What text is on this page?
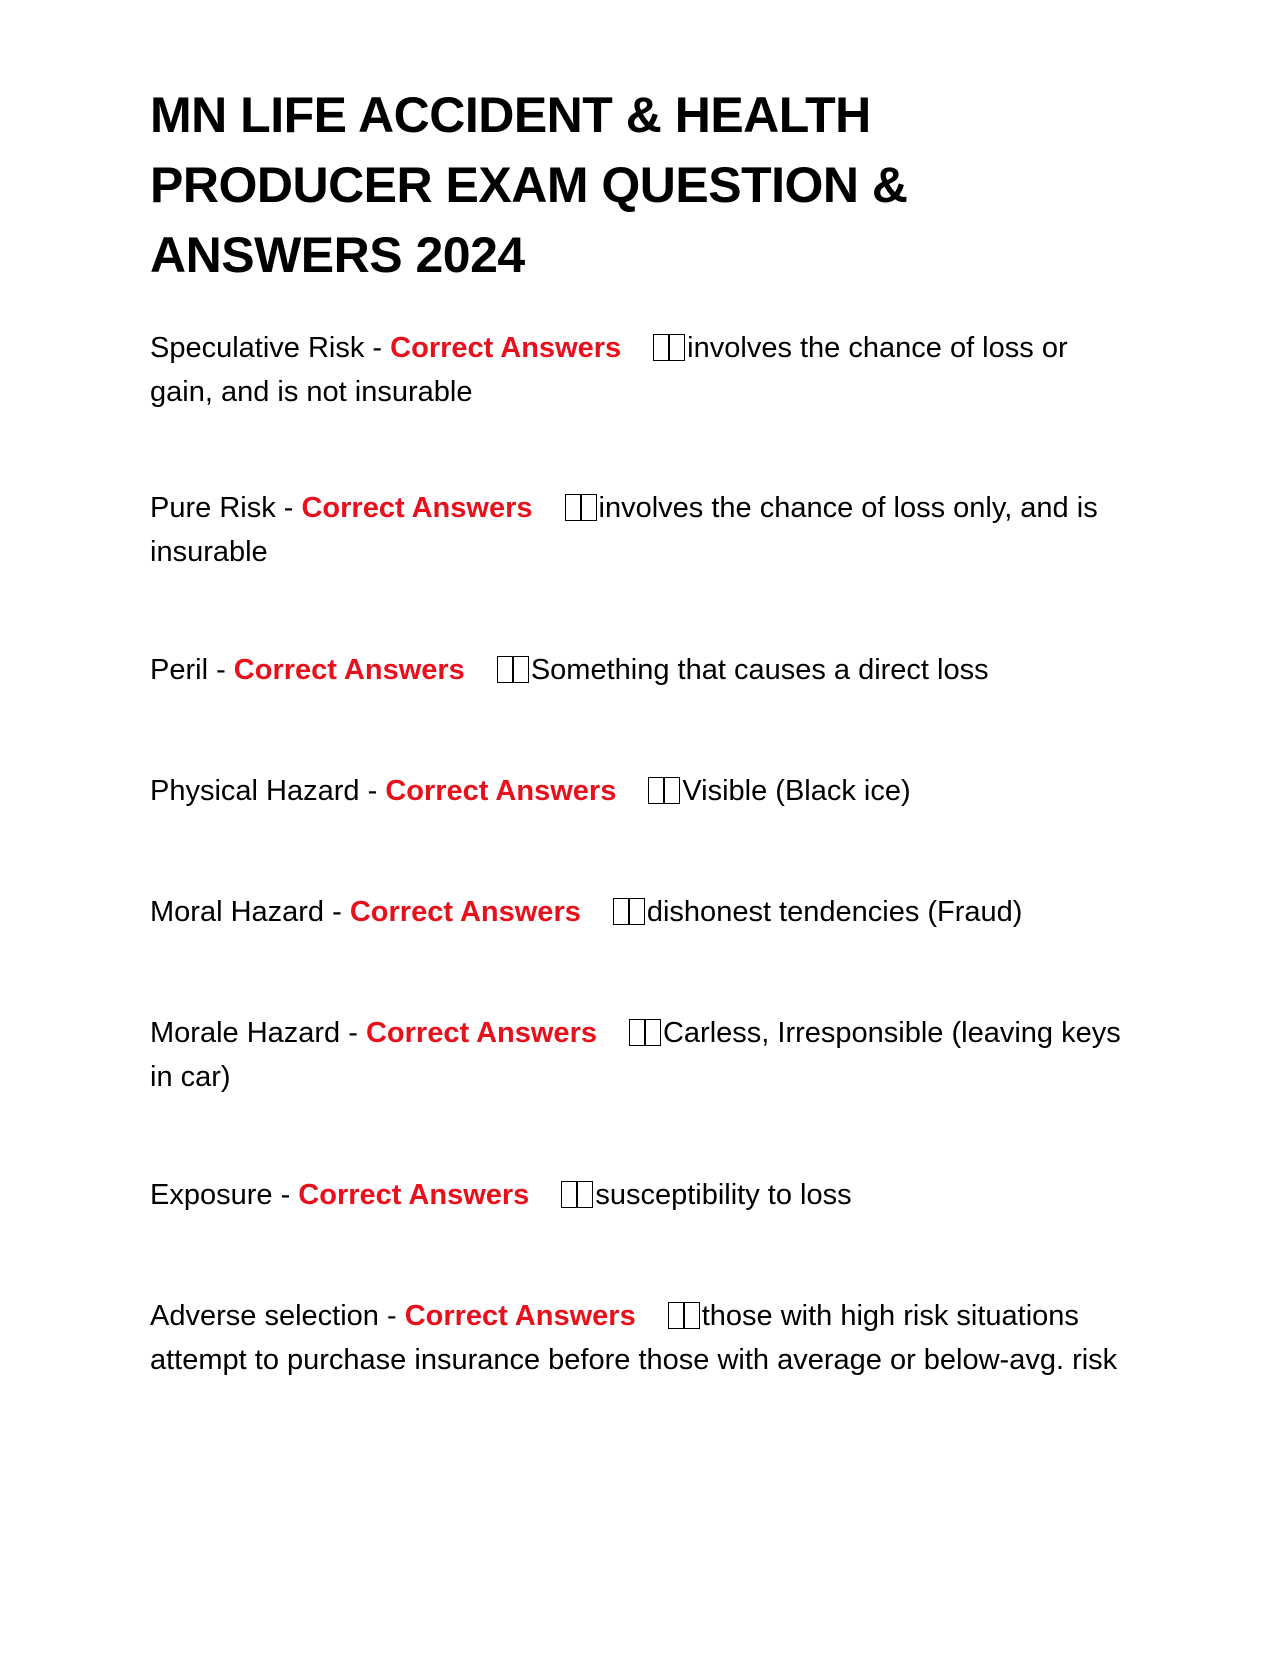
MN LIFE ACCIDENT & HEALTH PRODUCER EXAM QUESTION & ANSWERS 2024

Speculative Risk - Correct Answers involves the chance of loss or gain, and is not insurable

Pure Risk - Correct Answers involves the chance of loss only, and is insurable

Peril - Correct Answers Something that causes a direct loss

Physical Hazard - Correct Answers Visible (Black ice)

Moral Hazard - Correct Answers dishonest tendencies (Fraud)

Morale Hazard - Correct Answers Carless, Irresponsible (leaving keys in car)

Exposure - Correct Answers susceptibility to loss

Adverse selection - Correct Answers those with high risk situations attempt to purchase insurance before those with average or below-avg. risk
